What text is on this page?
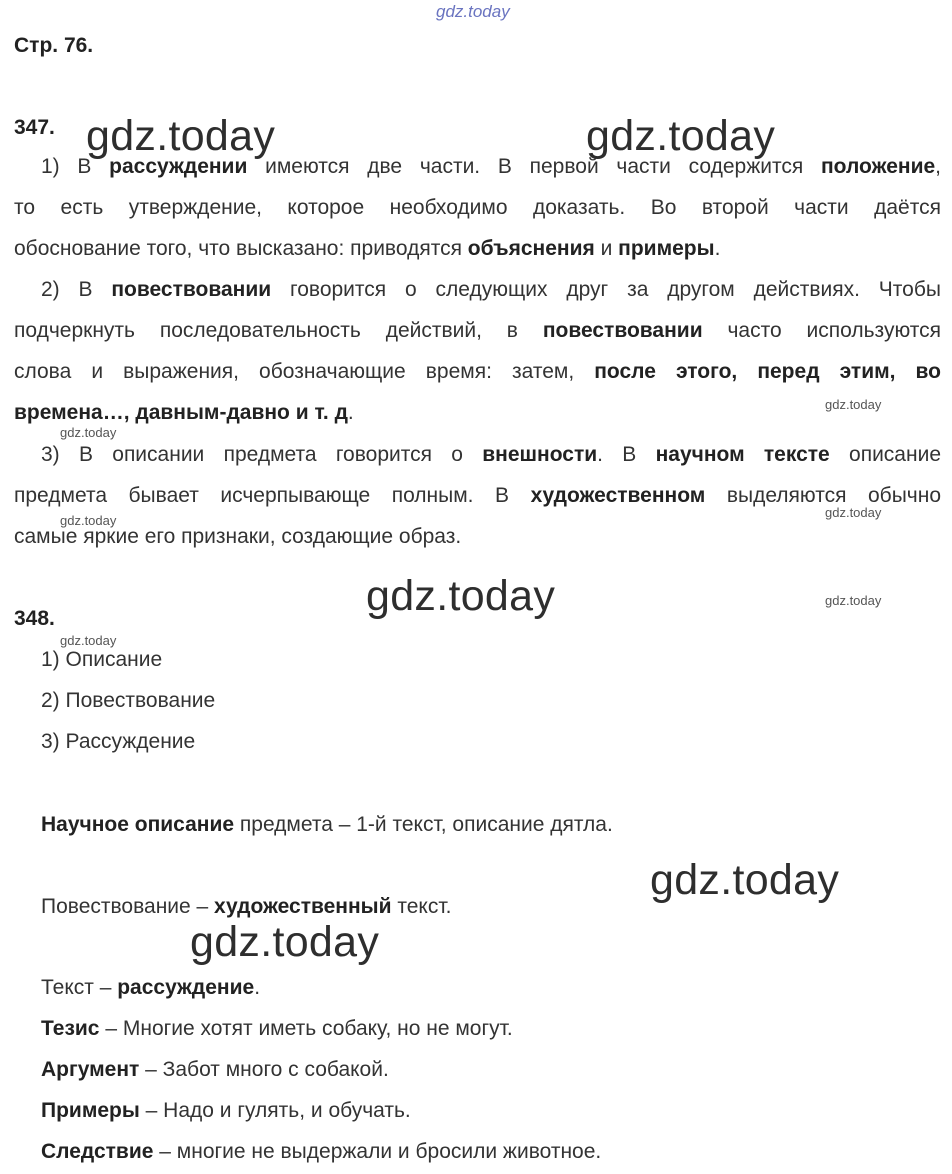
gdz.today
Стр. 76.
347.
1) В рассуждении имеются две части. В первой части содержится положение,
то есть утверждение, которое необходимо доказать. Во второй части даётся
обоснование того, что высказано: приводятся объяснения и примеры.
2) В повествовании говорится о следующих друг за другом действиях. Чтобы
подчеркнуть последовательность действий, в повествовании часто используются
слова и выражения, обозначающие время: затем, после этого, перед этим, во
времена…, давным-давно и т. д.
3) В описании предмета говорится о внешности. В научном тексте описание
предмета бывает исчерпывающе полным. В художественном выделяются обычно
самые яркие его признаки, создающие образ.
348.
1) Описание
2) Повествование
3) Рассуждение
Научное описание предмета – 1-й текст, описание дятла.
Повествование – художественный текст.
Текст – рассуждение.
Тезис – Многие хотят иметь собаку, но не могут.
Аргумент – Забот много с собакой.
Примеры – Надо и гулять, и обучать.
Следствие – многие не выдержали и бросили животное.
gdz.today	gdz.today
gdz.today
gdz.today
gdz.today
gdz.today
gdz.today
gdz.today
gdz.today
gdz.today
gdz.today
